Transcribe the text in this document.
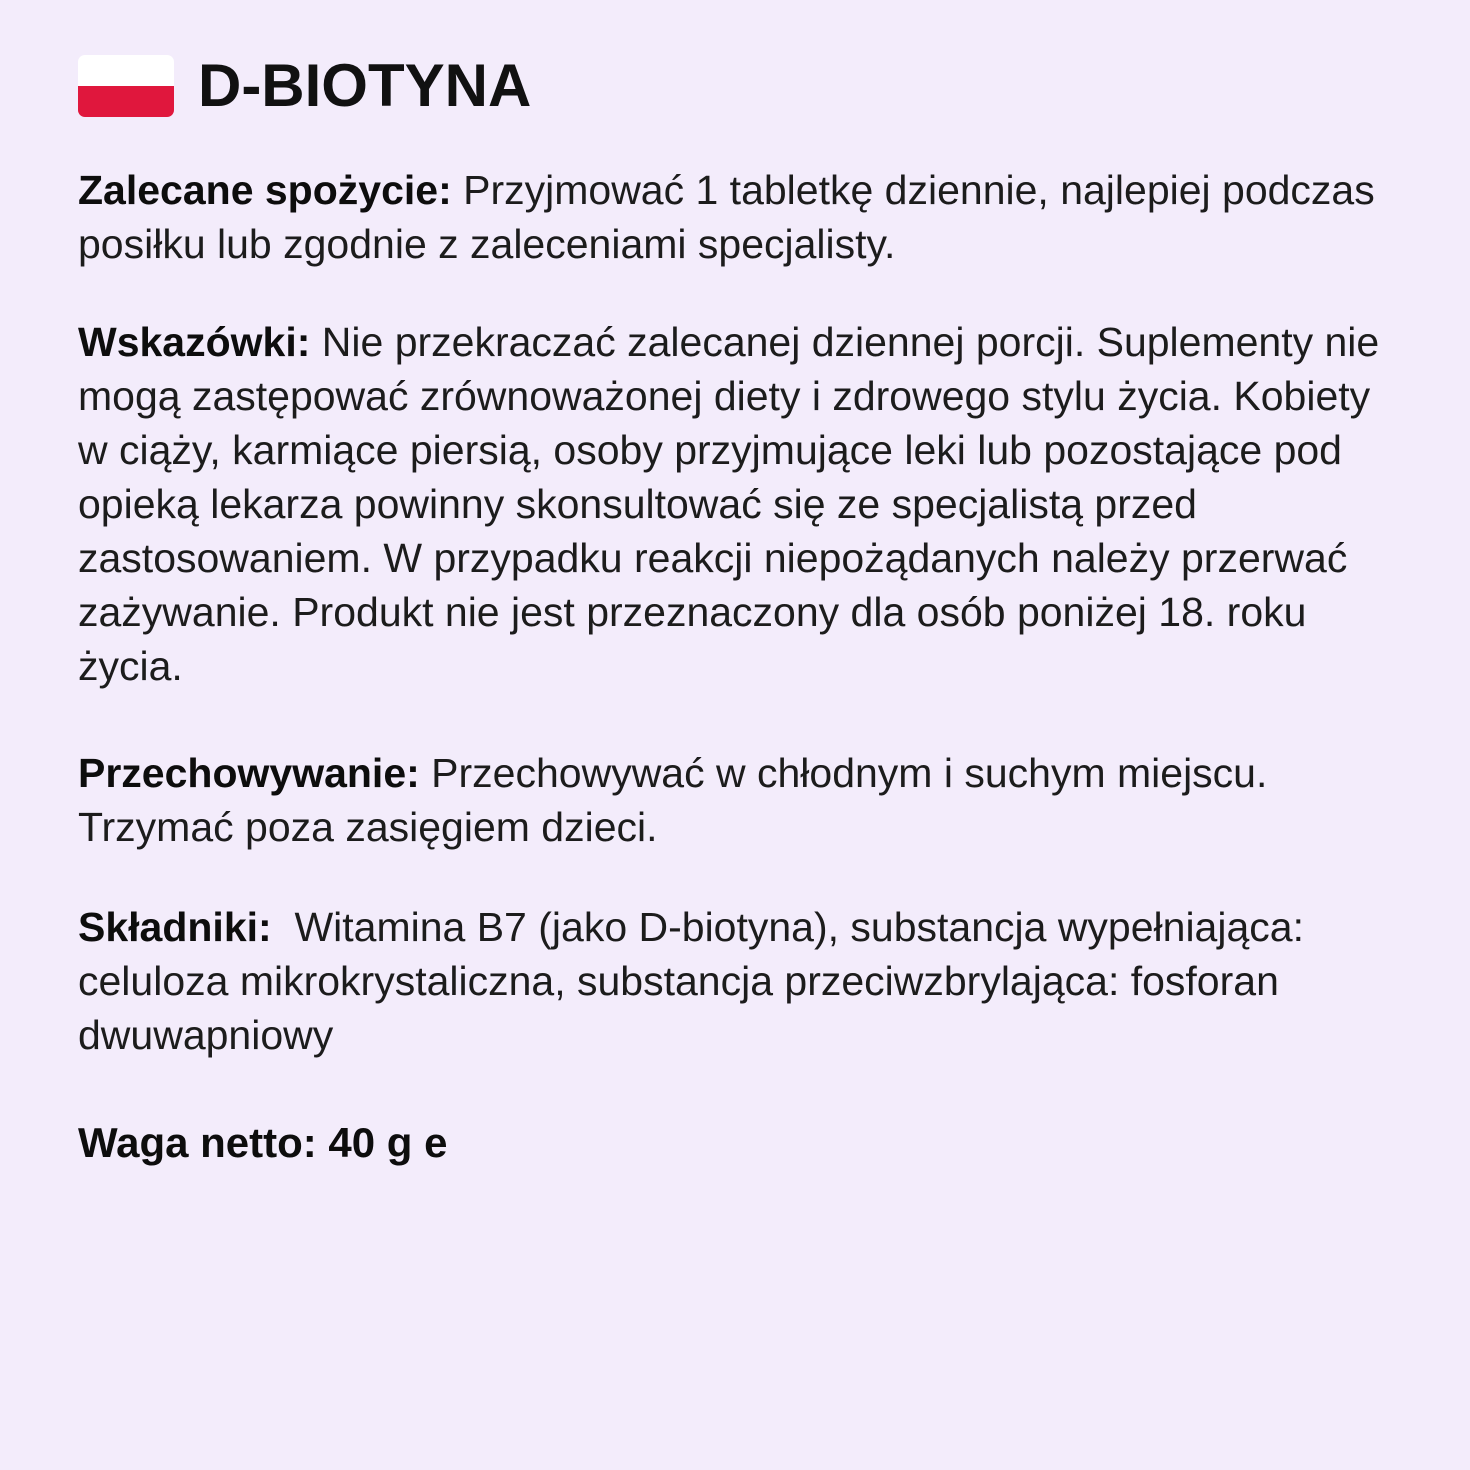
D-BIOTYNA

Zalecane spożycie: Przyjmować 1 tabletkę dziennie, najlepiej podczas posiłku lub zgodnie z zaleceniami specjalisty.

Wskazówki: Nie przekraczać zalecanej dziennej porcji. Suplementy nie mogą zastępować zrównoważonej diety i zdrowego stylu życia. Kobiety w ciąży, karmiące piersią, osoby przyjmujące leki lub pozostające pod opieką lekarza powinny skonsultować się ze specjalistą przed zastosowaniem. W przypadku reakcji niepożądanych należy przerwać zażywanie. Produkt nie jest przeznaczony dla osób poniżej 18. roku życia.

Przechowywanie: Przechowywać w chłodnym i suchym miejscu. Trzymać poza zasięgiem dzieci.

Składniki:  Witamina B7 (jako D-biotyna), substancja wypełniająca: celuloza mikrokrystaliczna, substancja przeciwzbrylająca: fosforan dwuwapniowy

Waga netto: 40 g e
